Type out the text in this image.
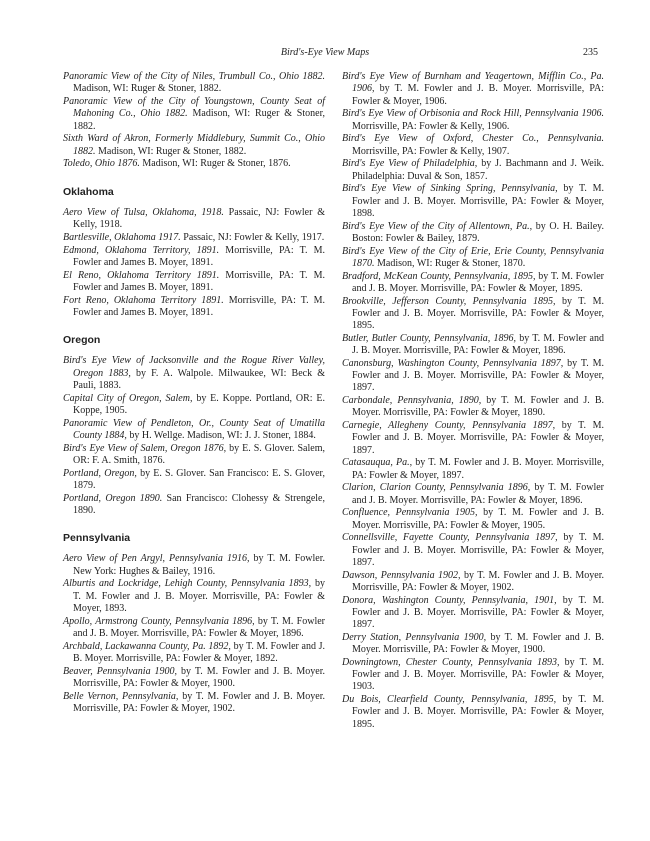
Bird's-Eye View Maps	235

Panoramic View of the City of Niles, Trumbull Co., Ohio 1882. Madison, WI: Ruger & Stoner, 1882.

Panoramic View of the City of Youngstown, County Seat of Mahoning Co., Ohio 1882. Madison, WI: Ruger & Stoner, 1882.

Sixth Ward of Akron, Formerly Middlebury, Summit Co., Ohio 1882. Madison, WI: Ruger & Stoner, 1882.

Toledo, Ohio 1876. Madison, WI: Ruger & Stoner, 1876.

Oklahoma

Aero View of Tulsa, Oklahoma, 1918. Passaic, NJ: Fowler & Kelly, 1918.

Bartlesville, Oklahoma 1917. Passaic, NJ: Fowler & Kelly, 1917.

Edmond, Oklahoma Territory, 1891. Morrisville, PA: T. M. Fowler and James B. Moyer, 1891.

El Reno, Oklahoma Territory 1891. Morrisville, PA: T. M. Fowler and James B. Moyer, 1891.

Fort Reno, Oklahoma Territory 1891. Morrisville, PA: T. M. Fowler and James B. Moyer, 1891.

Oregon

Bird's Eye View of Jacksonville and the Rogue River Valley, Oregon 1883, by F. A. Walpole. Milwaukee, WI: Beck & Pauli, 1883.

Capital City of Oregon, Salem, by E. Koppe. Portland, OR: E. Koppe, 1905.

Panoramic View of Pendleton, Or., County Seat of Umatilla County 1884, by H. Wellge. Madison, WI: J. J. Stoner, 1884.

Bird's Eye View of Salem, Oregon 1876, by E. S. Glover. Salem, OR: F. A. Smith, 1876.

Portland, Oregon, by E. S. Glover. San Francisco: E. S. Glover, 1879.

Portland, Oregon 1890. San Francisco: Clohessy & Strengele, 1890.

Pennsylvania

Aero View of Pen Argyl, Pennsylvania 1916, by T. M. Fowler. New York: Hughes & Bailey, 1916.

Alburtis and Lockridge, Lehigh County, Pennsylvania 1893, by T. M. Fowler and J. B. Moyer. Morrisville, PA: Fowler & Moyer, 1893.

Apollo, Armstrong County, Pennsylvania 1896, by T. M. Fowler and J. B. Moyer. Morrisville, PA: Fowler & Moyer, 1896.

Archbald, Lackawanna County, Pa. 1892, by T. M. Fowler and J. B. Moyer. Morrisville, PA: Fowler & Moyer, 1892.

Beaver, Pennsylvania 1900, by T. M. Fowler and J. B. Moyer. Morrisville, PA: Fowler & Moyer, 1900.

Belle Vernon, Pennsylvania, by T. M. Fowler and J. B. Moyer. Morrisville, PA: Fowler & Moyer, 1902.

Bird's Eye View of Burnham and Yeagertown, Mifflin Co., Pa. 1906, by T. M. Fowler and J. B. Moyer. Morrisville, PA: Fowler & Moyer, 1906.

Bird's Eye View of Orbisonia and Rock Hill, Pennsylvania 1906. Morrisville, PA: Fowler & Kelly, 1906.

Bird's Eye View of Oxford, Chester Co., Pennsylvania. Morrisville, PA: Fowler & Kelly, 1907.

Bird's Eye View of Philadelphia, by J. Bachmann and J. Weik. Philadelphia: Duval & Son, 1857.

Bird's Eye View of Sinking Spring, Pennsylvania, by T. M. Fowler and J. B. Moyer. Morrisville, PA: Fowler & Moyer, 1898.

Bird's Eye View of the City of Allentown, Pa., by O. H. Bailey. Boston: Fowler & Bailey, 1879.

Bird's Eye View of the City of Erie, Erie County, Pennsylvania 1870. Madison, WI: Ruger & Stoner, 1870.

Bradford, McKean County, Pennsylvania, 1895, by T. M. Fowler and J. B. Moyer. Morrisville, PA: Fowler & Moyer, 1895.

Brookville, Jefferson County, Pennsylvania 1895, by T. M. Fowler and J. B. Moyer. Morrisville, PA: Fowler & Moyer, 1895.

Butler, Butler County, Pennsylvania, 1896, by T. M. Fowler and J. B. Moyer. Morrisville, PA: Fowler & Moyer, 1896.

Canonsburg, Washington County, Pennsylvania 1897, by T. M. Fowler and J. B. Moyer. Morrisville, PA: Fowler & Moyer, 1897.

Carbondale, Pennsylvania, 1890, by T. M. Fowler and J. B. Moyer. Morrisville, PA: Fowler & Moyer, 1890.

Carnegie, Allegheny County, Pennsylvania 1897, by T. M. Fowler and J. B. Moyer. Morrisville, PA: Fowler & Moyer, 1897.

Catasauqua, Pa., by T. M. Fowler and J. B. Moyer. Morrisville, PA: Fowler & Moyer, 1897.

Clarion, Clarion County, Pennsylvania 1896, by T. M. Fowler and J. B. Moyer. Morrisville, PA: Fowler & Moyer, 1896.

Confluence, Pennsylvania 1905, by T. M. Fowler and J. B. Moyer. Morrisville, PA: Fowler & Moyer, 1905.

Connellsville, Fayette County, Pennsylvania 1897, by T. M. Fowler and J. B. Moyer. Morrisville, PA: Fowler & Moyer, 1897.

Dawson, Pennsylvania 1902, by T. M. Fowler and J. B. Moyer. Morrisville, PA: Fowler & Moyer, 1902.

Donora, Washington County, Pennsylvania, 1901, by T. M. Fowler and J. B. Moyer. Morrisville, PA: Fowler & Moyer, 1897.

Derry Station, Pennsylvania 1900, by T. M. Fowler and J. B. Moyer. Morrisville, PA: Fowler & Moyer, 1900.

Downingtown, Chester County, Pennsylvania 1893, by T. M. Fowler and J. B. Moyer. Morrisville, PA: Fowler & Moyer, 1903.

Du Bois, Clearfield County, Pennsylvania, 1895, by T. M. Fowler and J. B. Moyer. Morrisville, PA: Fowler & Moyer, 1895.
